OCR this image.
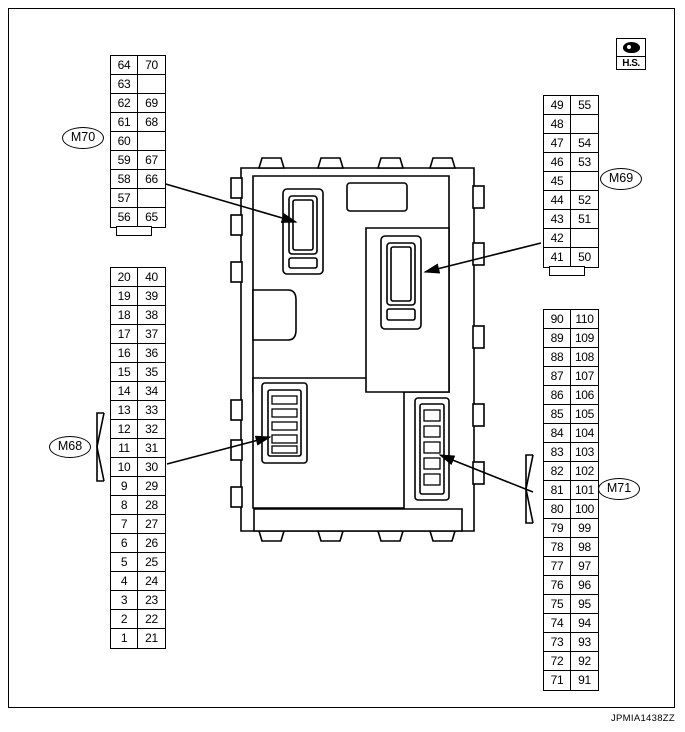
H.S.
64	70
63
62	69
61	68
60
59	67
58	66
57
56	65
M70
49	55
48
47	54
46	53
45
44	52
43	51
42
41	50
M69
20	40
19	39
18	38
17	37
16	36
15	35
14	34
13	33
12	32
11	31
10	30
9	29
8	28
7	27
6	26
5	25
4	24
3	23
2	22
1	21
M68
90	110
89 109
88 108
87 107
86 106
85 105
84 104
83 103
82 102
81 101
80 100
79	99
78	98
77	97
76	96
75	95
74	94
73	93
72	92
71	91
M71
JPMIA1438ZZ
